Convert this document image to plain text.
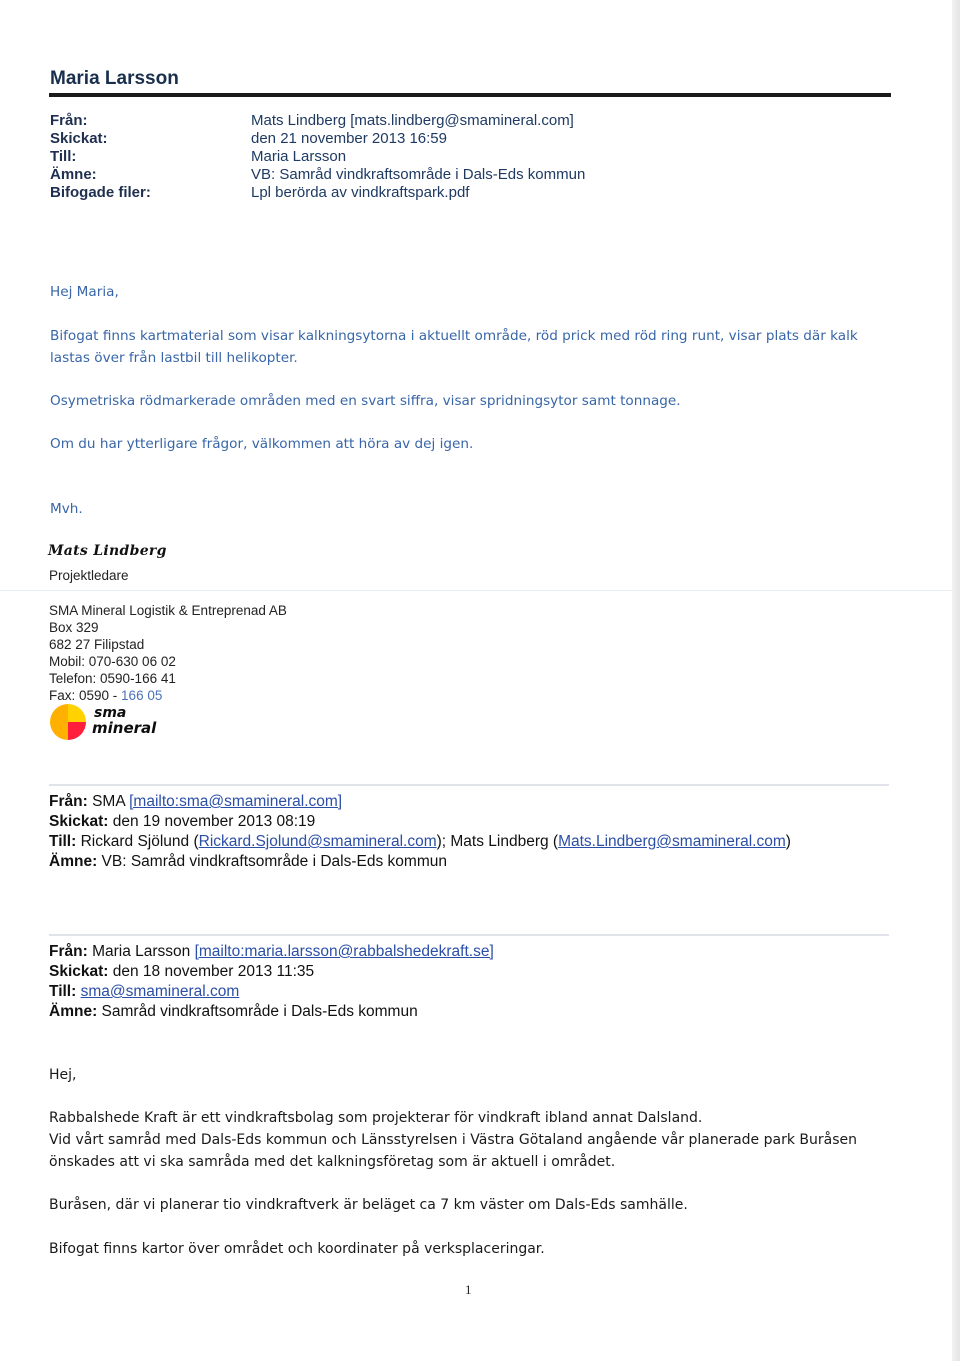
Maria Larsson
Från:	Mats Lindberg [mats.lindberg@smamineral.com]
Skickat:	den 21 november 2013 16:59
Till:	Maria Larsson
Ämne:	VB: Samråd vindkraftsområde i Dals-Eds kommun
Bifogade filer:	Lpl berörda av vindkraftspark.pdf
Hej Maria,
Bifogat finns kartmaterial som visar kalkningsytorna i aktuellt område, röd prick med röd ring runt, visar plats där kalk lastas över från lastbil till helikopter.
Osymetriska rödmarkerade områden med en svart siffra, visar spridningsytor samt tonnage.
Om du har ytterligare frågor, välkommen att höra av dej igen.
Mvh.
Mats Lindberg
Projektledare
SMA Mineral Logistik & Entreprenad AB
Box 329
682 27 Filipstad
Mobil: 070-630 06 02
Telefon: 0590-166 41
Fax: 0590 - 166 05
sma
mineral
Från: SMA [mailto:sma@smamineral.com]
Skickat: den 19 november 2013 08:19
Till: Rickard Sjölund (Rickard.Sjolund@smamineral.com); Mats Lindberg (Mats.Lindberg@smamineral.com)
Ämne: VB: Samråd vindkraftsområde i Dals-Eds kommun
Från: Maria Larsson [mailto:maria.larsson@rabbalshedekraft.se]
Skickat: den 18 november 2013 11:35
Till: sma@smamineral.com
Ämne: Samråd vindkraftsområde i Dals-Eds kommun
Hej,
Rabbalshede Kraft är ett vindkraftsbolag som projekterar för vindkraft ibland annat Dalsland.
Vid vårt samråd med Dals-Eds kommun och Länsstyrelsen i Västra Götaland angående vår planerade park Buråsen
önskades att vi ska samråda med det kalkningsföretag som är aktuell i området.
Buråsen, där vi planerar tio vindkraftverk är beläget ca 7 km väster om Dals-Eds samhälle.
Bifogat finns kartor över området och koordinater på verksplaceringar.
1
